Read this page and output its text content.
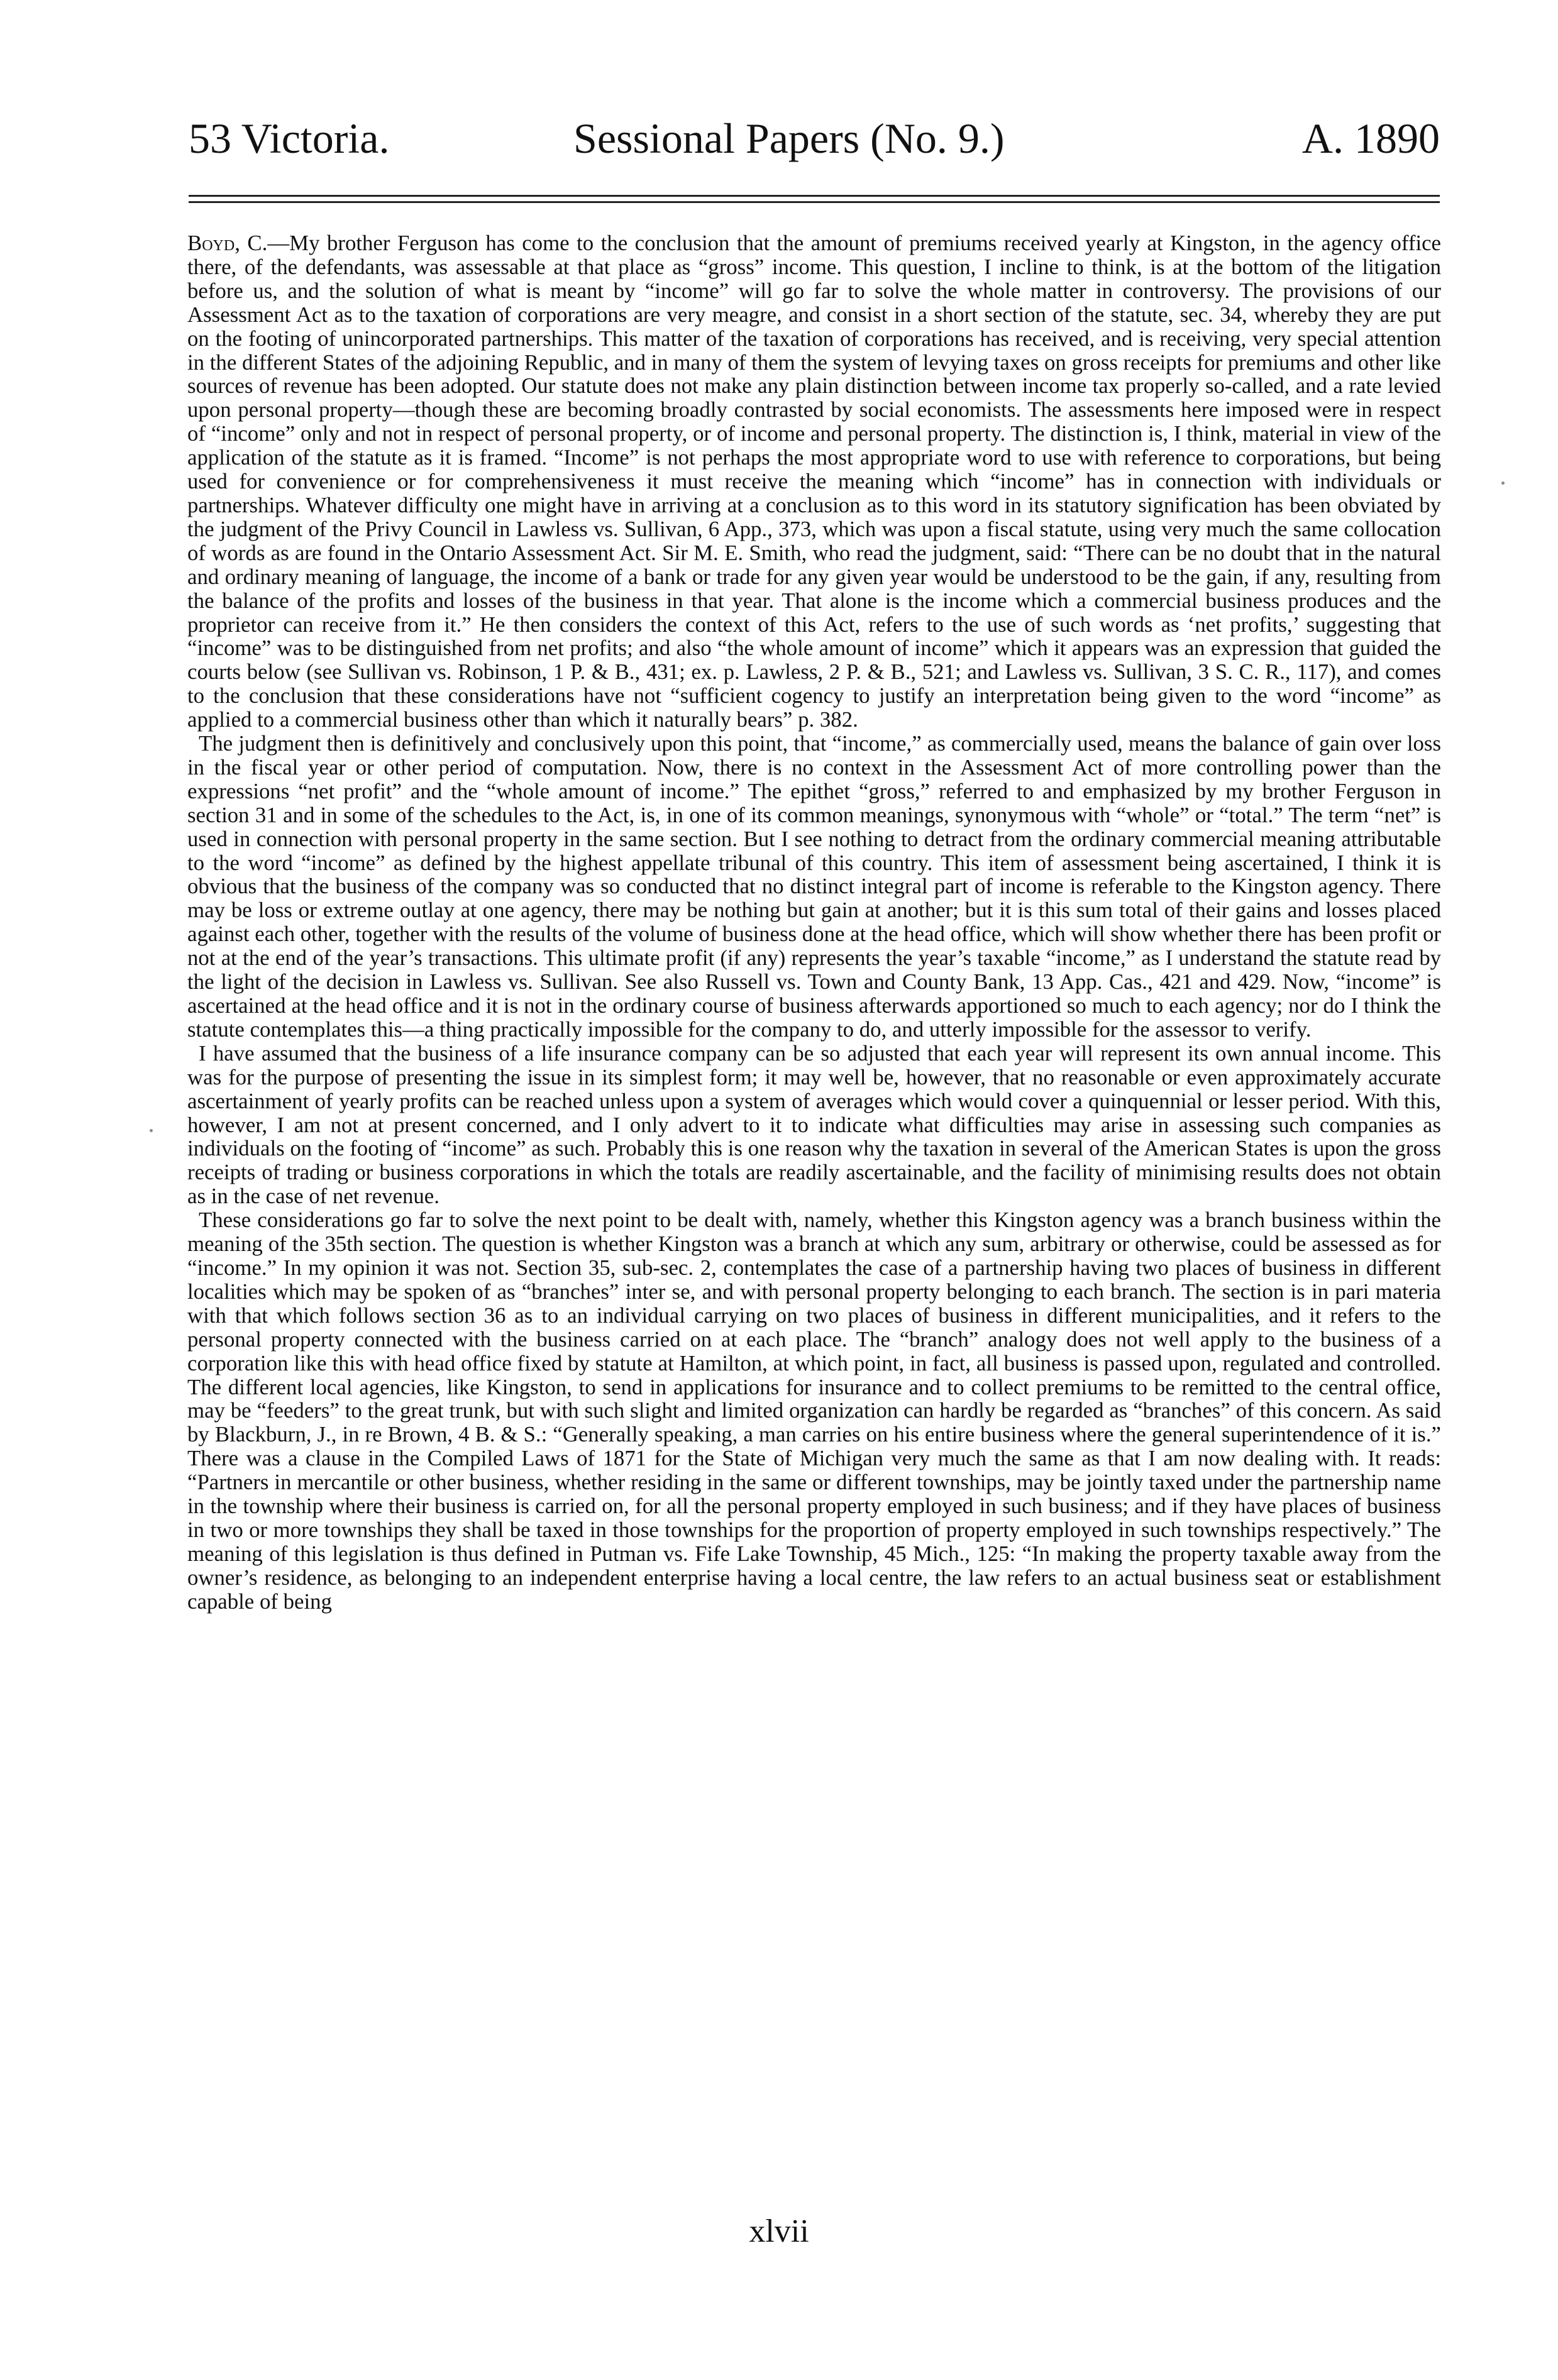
53 Victoria.	Sessional Papers (No. 9.)	A. 1890

Boyd, C.—My brother Ferguson has come to the conclusion that the amount of premiums received yearly at Kingston, in the agency office there, of the defendants, was assessable at that place as “gross” income. This question, I incline to think, is at the bottom of the litigation before us, and the solution of what is meant by “income” will go far to solve the whole matter in controversy. The provisions of our Assessment Act as to the taxation of corporations are very meagre, and consist in a short section of the statute, sec. 34, whereby they are put on the footing of unincorporated partnerships. This matter of the taxation of corporations has received, and is receiving, very special attention in the different States of the adjoining Republic, and in many of them the system of levying taxes on gross receipts for premiums and other like sources of revenue has been adopted. Our statute does not make any plain distinction between income tax properly so-called, and a rate levied upon personal property—though these are becoming broadly contrasted by social economists. The assessments here imposed were in respect of “income” only and not in respect of personal property, or of income and personal property. The distinction is, I think, material in view of the application of the statute as it is framed. “Income” is not perhaps the most appropriate word to use with reference to corporations, but being used for convenience or for comprehensiveness it must receive the meaning which “income” has in connection with individuals or partnerships. Whatever difficulty one might have in arriving at a conclusion as to this word in its statutory signification has been obviated by the judgment of the Privy Council in Lawless vs. Sullivan, 6 App., 373, which was upon a fiscal statute, using very much the same collocation of words as are found in the Ontario Assessment Act. Sir M. E. Smith, who read the judgment, said: “There can be no doubt that in the natural and ordinary meaning of language, the income of a bank or trade for any given year would be understood to be the gain, if any, resulting from the balance of the profits and losses of the business in that year. That alone is the income which a commercial business produces and the proprietor can receive from it.” He then considers the context of this Act, refers to the use of such words as ‘net profits,’ suggesting that “income” was to be distinguished from net profits; and also “the whole amount of income” which it appears was an expression that guided the courts below (see Sullivan vs. Robinson, 1 P. & B., 431; ex. p. Lawless, 2 P. & B., 521; and Lawless vs. Sullivan, 3 S. C. R., 117), and comes to the conclusion that these considerations have not “sufficient cogency to justify an interpretation being given to the word “income” as applied to a commercial business other than which it naturally bears” p. 382.

The judgment then is definitively and conclusively upon this point, that “income,” as commercially used, means the balance of gain over loss in the fiscal year or other period of computation. Now, there is no context in the Assessment Act of more controlling power than the expressions “net profit” and the “whole amount of income.” The epithet “gross,” referred to and emphasized by my brother Ferguson in section 31 and in some of the schedules to the Act, is, in one of its common meanings, synonymous with “whole” or “total.” The term “net” is used in connection with personal property in the same section. But I see nothing to detract from the ordinary commercial meaning attributable to the word “income” as defined by the highest appellate tribunal of this country. This item of assessment being ascertained, I think it is obvious that the business of the company was so conducted that no distinct integral part of income is referable to the Kingston agency. There may be loss or extreme outlay at one agency, there may be nothing but gain at another; but it is this sum total of their gains and losses placed against each other, together with the results of the volume of business done at the head office, which will show whether there has been profit or not at the end of the year’s transactions. This ultimate profit (if any) represents the year’s taxable “income,” as I understand the statute read by the light of the decision in Lawless vs. Sullivan. See also Russell vs. Town and County Bank, 13 App. Cas., 421 and 429. Now, “income” is ascertained at the head office and it is not in the ordinary course of business afterwards apportioned so much to each agency; nor do I think the statute contemplates this—a thing practically impossible for the company to do, and utterly impossible for the assessor to verify.

I have assumed that the business of a life insurance company can be so adjusted that each year will represent its own annual income. This was for the purpose of presenting the issue in its simplest form; it may well be, however, that no reasonable or even approximately accurate ascertainment of yearly profits can be reached unless upon a system of averages which would cover a quinquennial or lesser period. With this, however, I am not at present concerned, and I only advert to it to indicate what difficulties may arise in assessing such companies as individuals on the footing of “income” as such. Probably this is one reason why the taxation in several of the American States is upon the gross receipts of trading or business corporations in which the totals are readily ascertainable, and the facility of minimising results does not obtain as in the case of net revenue.

These considerations go far to solve the next point to be dealt with, namely, whether this Kingston agency was a branch business within the meaning of the 35th section. The question is whether Kingston was a branch at which any sum, arbitrary or otherwise, could be assessed as for “income.” In my opinion it was not. Section 35, sub-sec. 2, contemplates the case of a partnership having two places of business in different localities which may be spoken of as “branches” inter se, and with personal property belonging to each branch. The section is in pari materia with that which follows section 36 as to an individual carrying on two places of business in different municipalities, and it refers to the personal property connected with the business carried on at each place. The “branch” analogy does not well apply to the business of a corporation like this with head office fixed by statute at Hamilton, at which point, in fact, all business is passed upon, regulated and controlled. The different local agencies, like Kingston, to send in applications for insurance and to collect premiums to be remitted to the central office, may be “feeders” to the great trunk, but with such slight and limited organization can hardly be regarded as “branches” of this concern. As said by Blackburn, J., in re Brown, 4 B. & S.: “Generally speaking, a man carries on his entire business where the general superintendence of it is.” There was a clause in the Compiled Laws of 1871 for the State of Michigan very much the same as that I am now dealing with. It reads: “Partners in mercantile or other business, whether residing in the same or different townships, may be jointly taxed under the partnership name in the township where their business is carried on, for all the personal property employed in such business; and if they have places of business in two or more townships they shall be taxed in those townships for the proportion of property employed in such townships respectively.” The meaning of this legislation is thus defined in Putman vs. Fife Lake Township, 45 Mich., 125: “In making the property taxable away from the owner’s residence, as belonging to an independent enterprise having a local centre, the law refers to an actual business seat or establishment capable of being

xlvii
